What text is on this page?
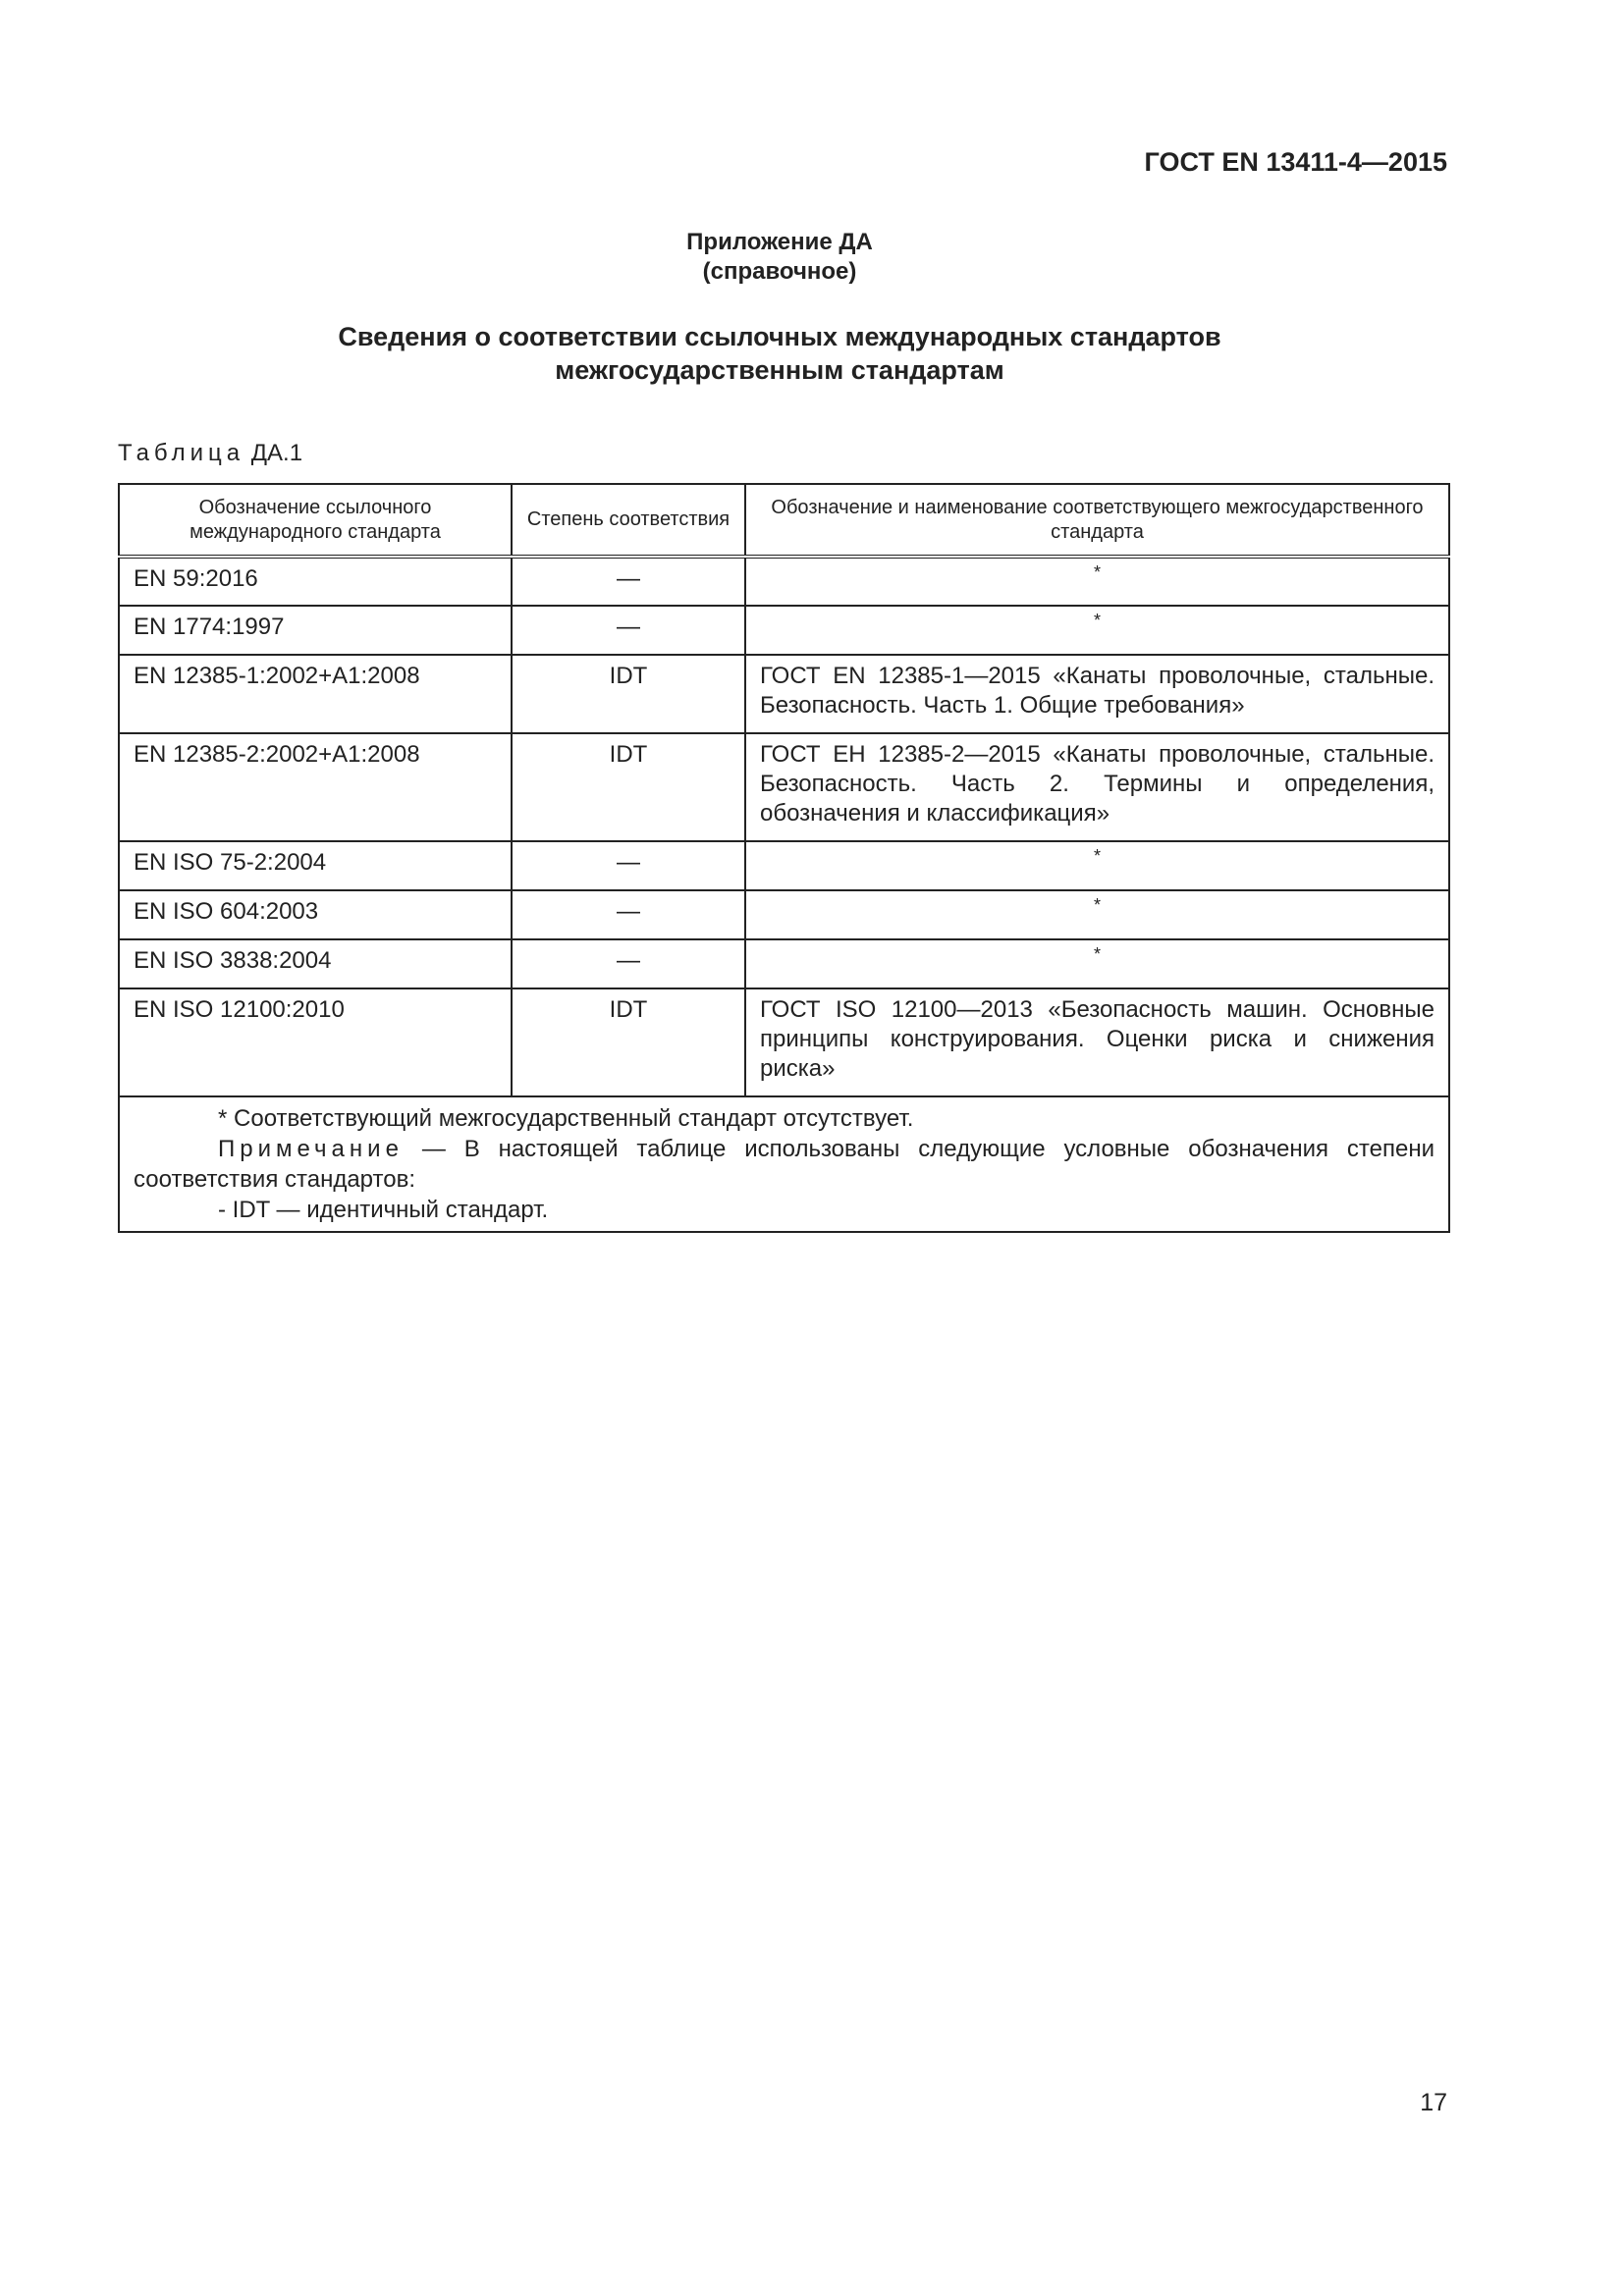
ГОСТ EN 13411-4—2015
Приложение ДА
(справочное)
Сведения о соответствии ссылочных международных стандартов
межгосударственным стандартам
Таблица ДА.1
Обозначение ссылочного международного стандарта	Степень соответствия	Обозначение и наименование соответствующего межгосударственного стандарта
EN 59:2016	—	*
EN 1774:1997	—	*
EN 12385-1:2002+A1:2008	IDT	ГОСТ EN 12385-1—2015 «Канаты проволочные, стальные. Безопасность. Часть 1. Общие требования»
EN 12385-2:2002+A1:2008	IDT	ГОСТ ЕН 12385-2—2015 «Канаты проволочные, стальные. Безопасность. Часть 2. Термины и определения, обозначения и классификация»
EN ISO 75-2:2004	—	*
EN ISO 604:2003	—	*
EN ISO 3838:2004	—	*
EN ISO 12100:2010	IDT	ГОСТ ISO 12100—2013 «Безопасность машин. Основные принципы конструирования. Оценки риска и снижения риска»

* Соответствующий межгосударственный стандарт отсутствует.
Примечание — В настоящей таблице использованы следующие условные обозначения степени соответствия стандартов:
- IDT — идентичный стандарт.		
17
